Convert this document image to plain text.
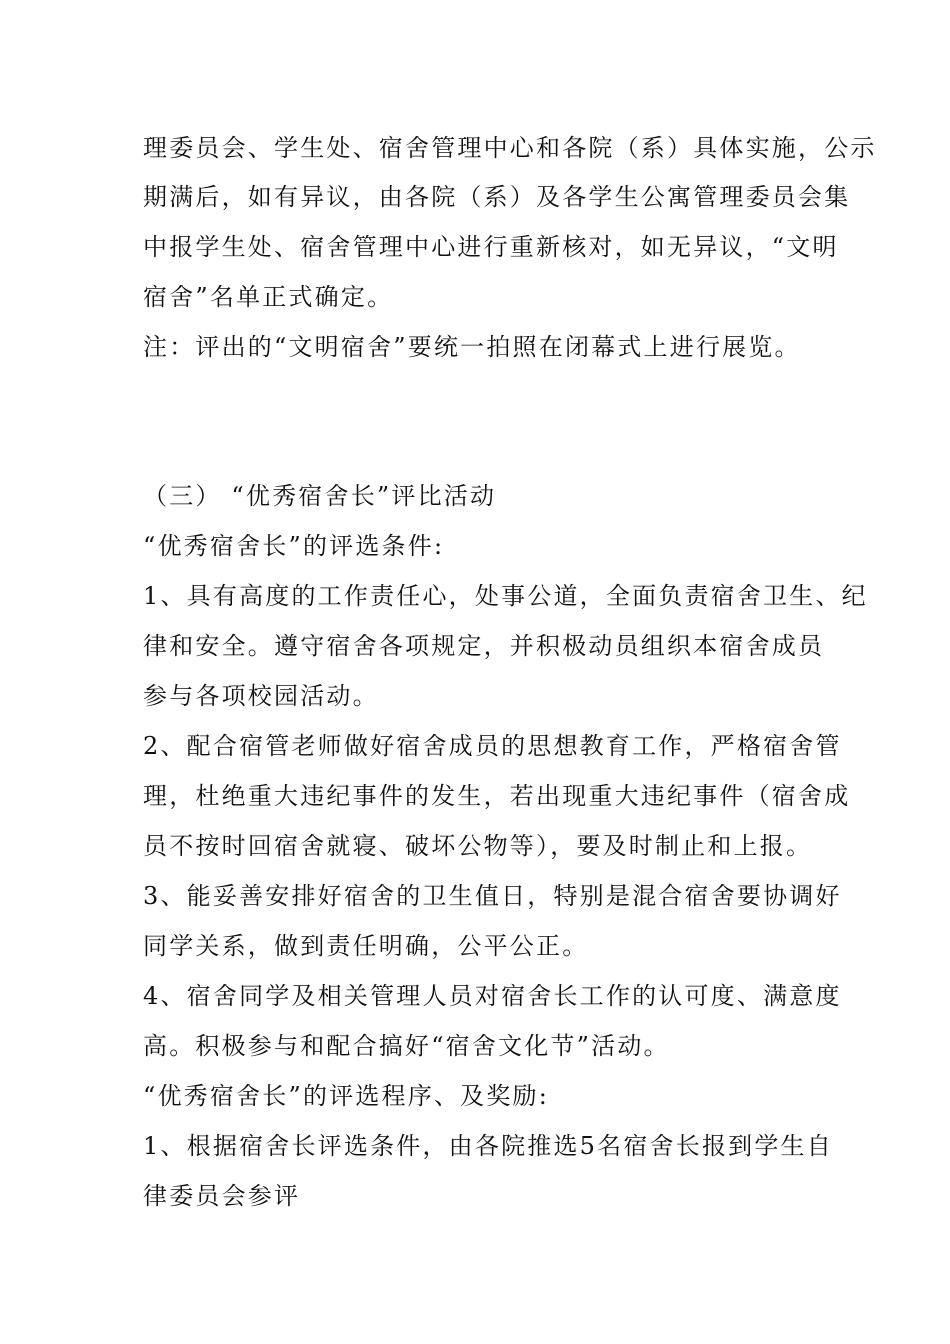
理委员会、学生处、宿舍管理中心和各院（系）具体实施，公示
期满后，如有异议，由各院（系）及各学生公寓管理委员会集
中报学生处、宿舍管理中心进行重新核对，如无异议，“文明
宿舍”名单正式确定。
注：评出的“文明宿舍”要统一拍照在闭幕式上进行展览。
（三） “优秀宿舍长”评比活动
“优秀宿舍长”的评选条件:
1、具有高度的工作责任心，处事公道，全面负责宿舍卫生、纪
律和安全。遵守宿舍各项规定，并积极动员组织本宿舍成员
参与各项校园活动。
2、配合宿管老师做好宿舍成员的思想教育工作，严格宿舍管
理，杜绝重大违纪事件的发生，若出现重大违纪事件（宿舍成
员不按时回宿舍就寝、破坏公物等），要及时制止和上报。
3、能妥善安排好宿舍的卫生值日，特别是混合宿舍要协调好
同学关系，做到责任明确，公平公正。
4、宿舍同学及相关管理人员对宿舍长工作的认可度、满意度
高。积极参与和配合搞好“宿舍文化节”活动。
“优秀宿舍长”的评选程序、及奖励:
1、根据宿舍长评选条件，由各院推选5名宿舍长报到学生自
律委员会参评
